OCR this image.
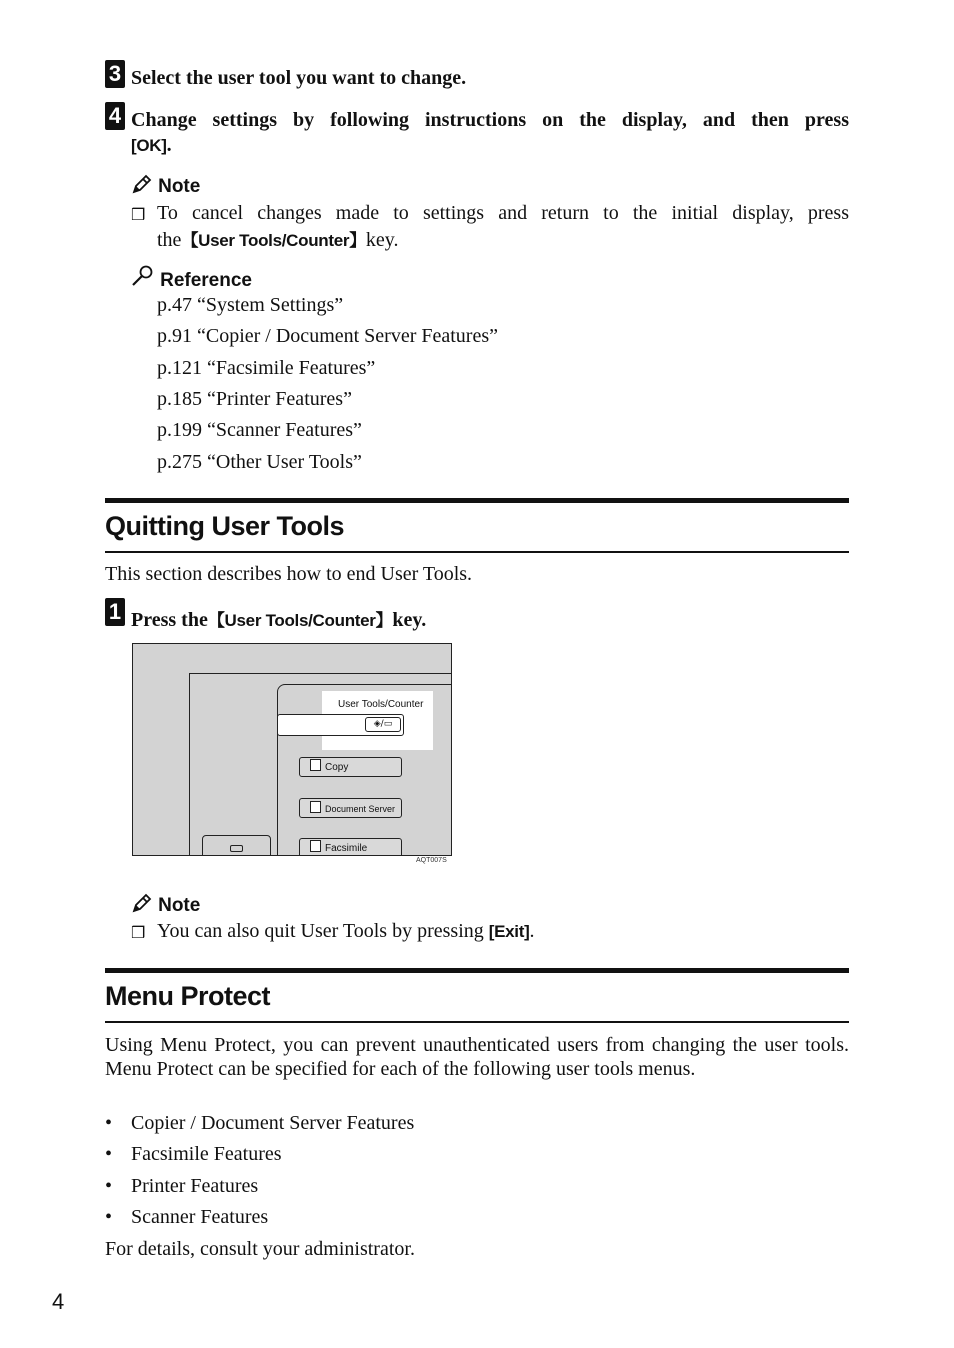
3 Select the user tool you want to change.
4 Change settings by following instructions on the display, and then press
[OK].
Note
❒ To cancel changes made to settings and return to the initial display, press
the【User Tools/Counter】key.
Reference
p.47 “System Settings”
p.91 “Copier / Document Server Features”
p.121 “Facsimile Features”
p.185 “Printer Features”
p.199 “Scanner Features”
p.275 “Other User Tools”
Quitting User Tools
This section describes how to end User Tools.
1 Press the【User Tools/Counter】key.
User Tools/Counter
◈/▭
Copy
Document Server
Facsimile
AQT007S
Note
❒ You can also quit User Tools by pressing [Exit].
Menu Protect
Using Menu Protect, you can prevent unauthenticated users from changing the user tools. Menu Protect can be specified for each of the following user tools menus.
• Copier / Document Server Features
• Facsimile Features
• Printer Features
• Scanner Features
For details, consult your administrator.
4
